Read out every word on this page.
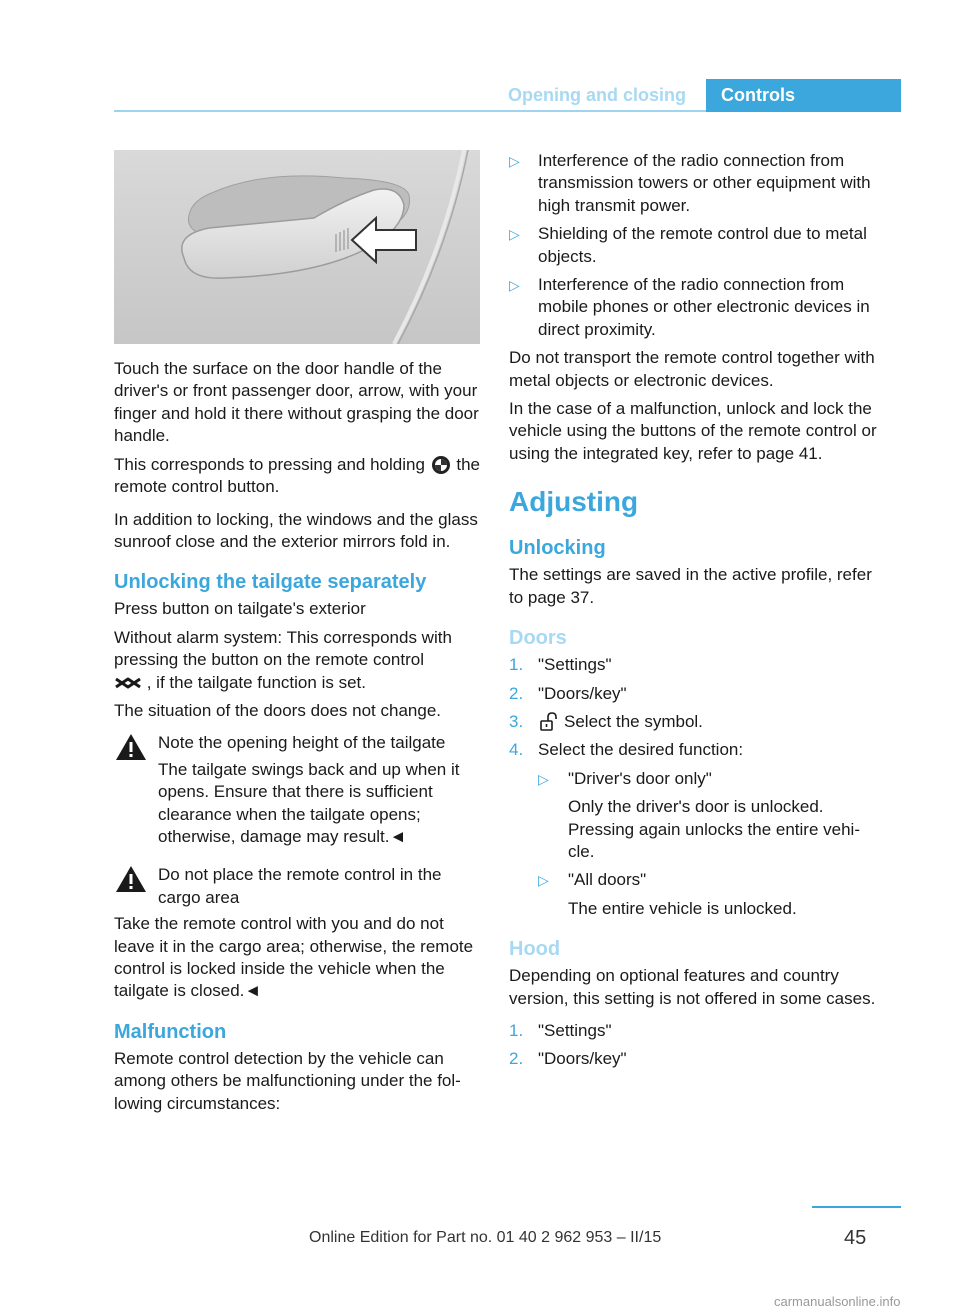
Opening and closing	Controls

Touch the surface on the door handle of the driver's or front passenger door, arrow, with your finger and hold it there without grasping the door handle.

This corresponds to pressing and holding the remote control button.

In addition to locking, the windows and the glass sunroof close and the exterior mirrors fold in.

Unlocking the tailgate separately

Press button on tailgate's exterior

Without alarm system: This corresponds with pressing the button on the remote control
, if the tailgate function is set.

The situation of the doors does not change.

Note the opening height of the tailgate
The tailgate swings back and up when it opens. Ensure that there is sufficient clearance when the tailgate opens; otherwise, damage may result.◄
Do not place the remote control in the cargo area

Take the remote control with you and do not leave it in the cargo area; otherwise, the remote control is locked inside the vehicle when the tailgate is closed.◄

Malfunction

Remote control detection by the vehicle can among others be malfunctioning under the following circumstances:

▷ Interference of the radio connection from transmission towers or other equipment with high transmit power.
▷ Shielding of the remote control due to metal objects.
▷ Interference of the radio connection from mobile phones or other electronic devices in direct proximity.

Do not transport the remote control together with metal objects or electronic devices.

In the case of a malfunction, unlock and lock the vehicle using the buttons of the remote control or using the integrated key, refer to page 41.

Adjusting
Unlocking

The settings are saved in the active profile, refer to page 37.

Doors
1. "Settings"
2. "Doors/key"
3. Select the symbol.
4. Select the desired function:
▷ "Driver's door only"
Only the driver's door is unlocked. Pressing again unlocks the entire vehicle.
▷ "All doors"
The entire vehicle is unlocked.
Hood

Depending on optional features and country version, this setting is not offered in some cases.

1. "Settings"
2. "Doors/key"
Online Edition for Part no. 01 40 2 962 953 – II/15	45
carmanualsonline.info
